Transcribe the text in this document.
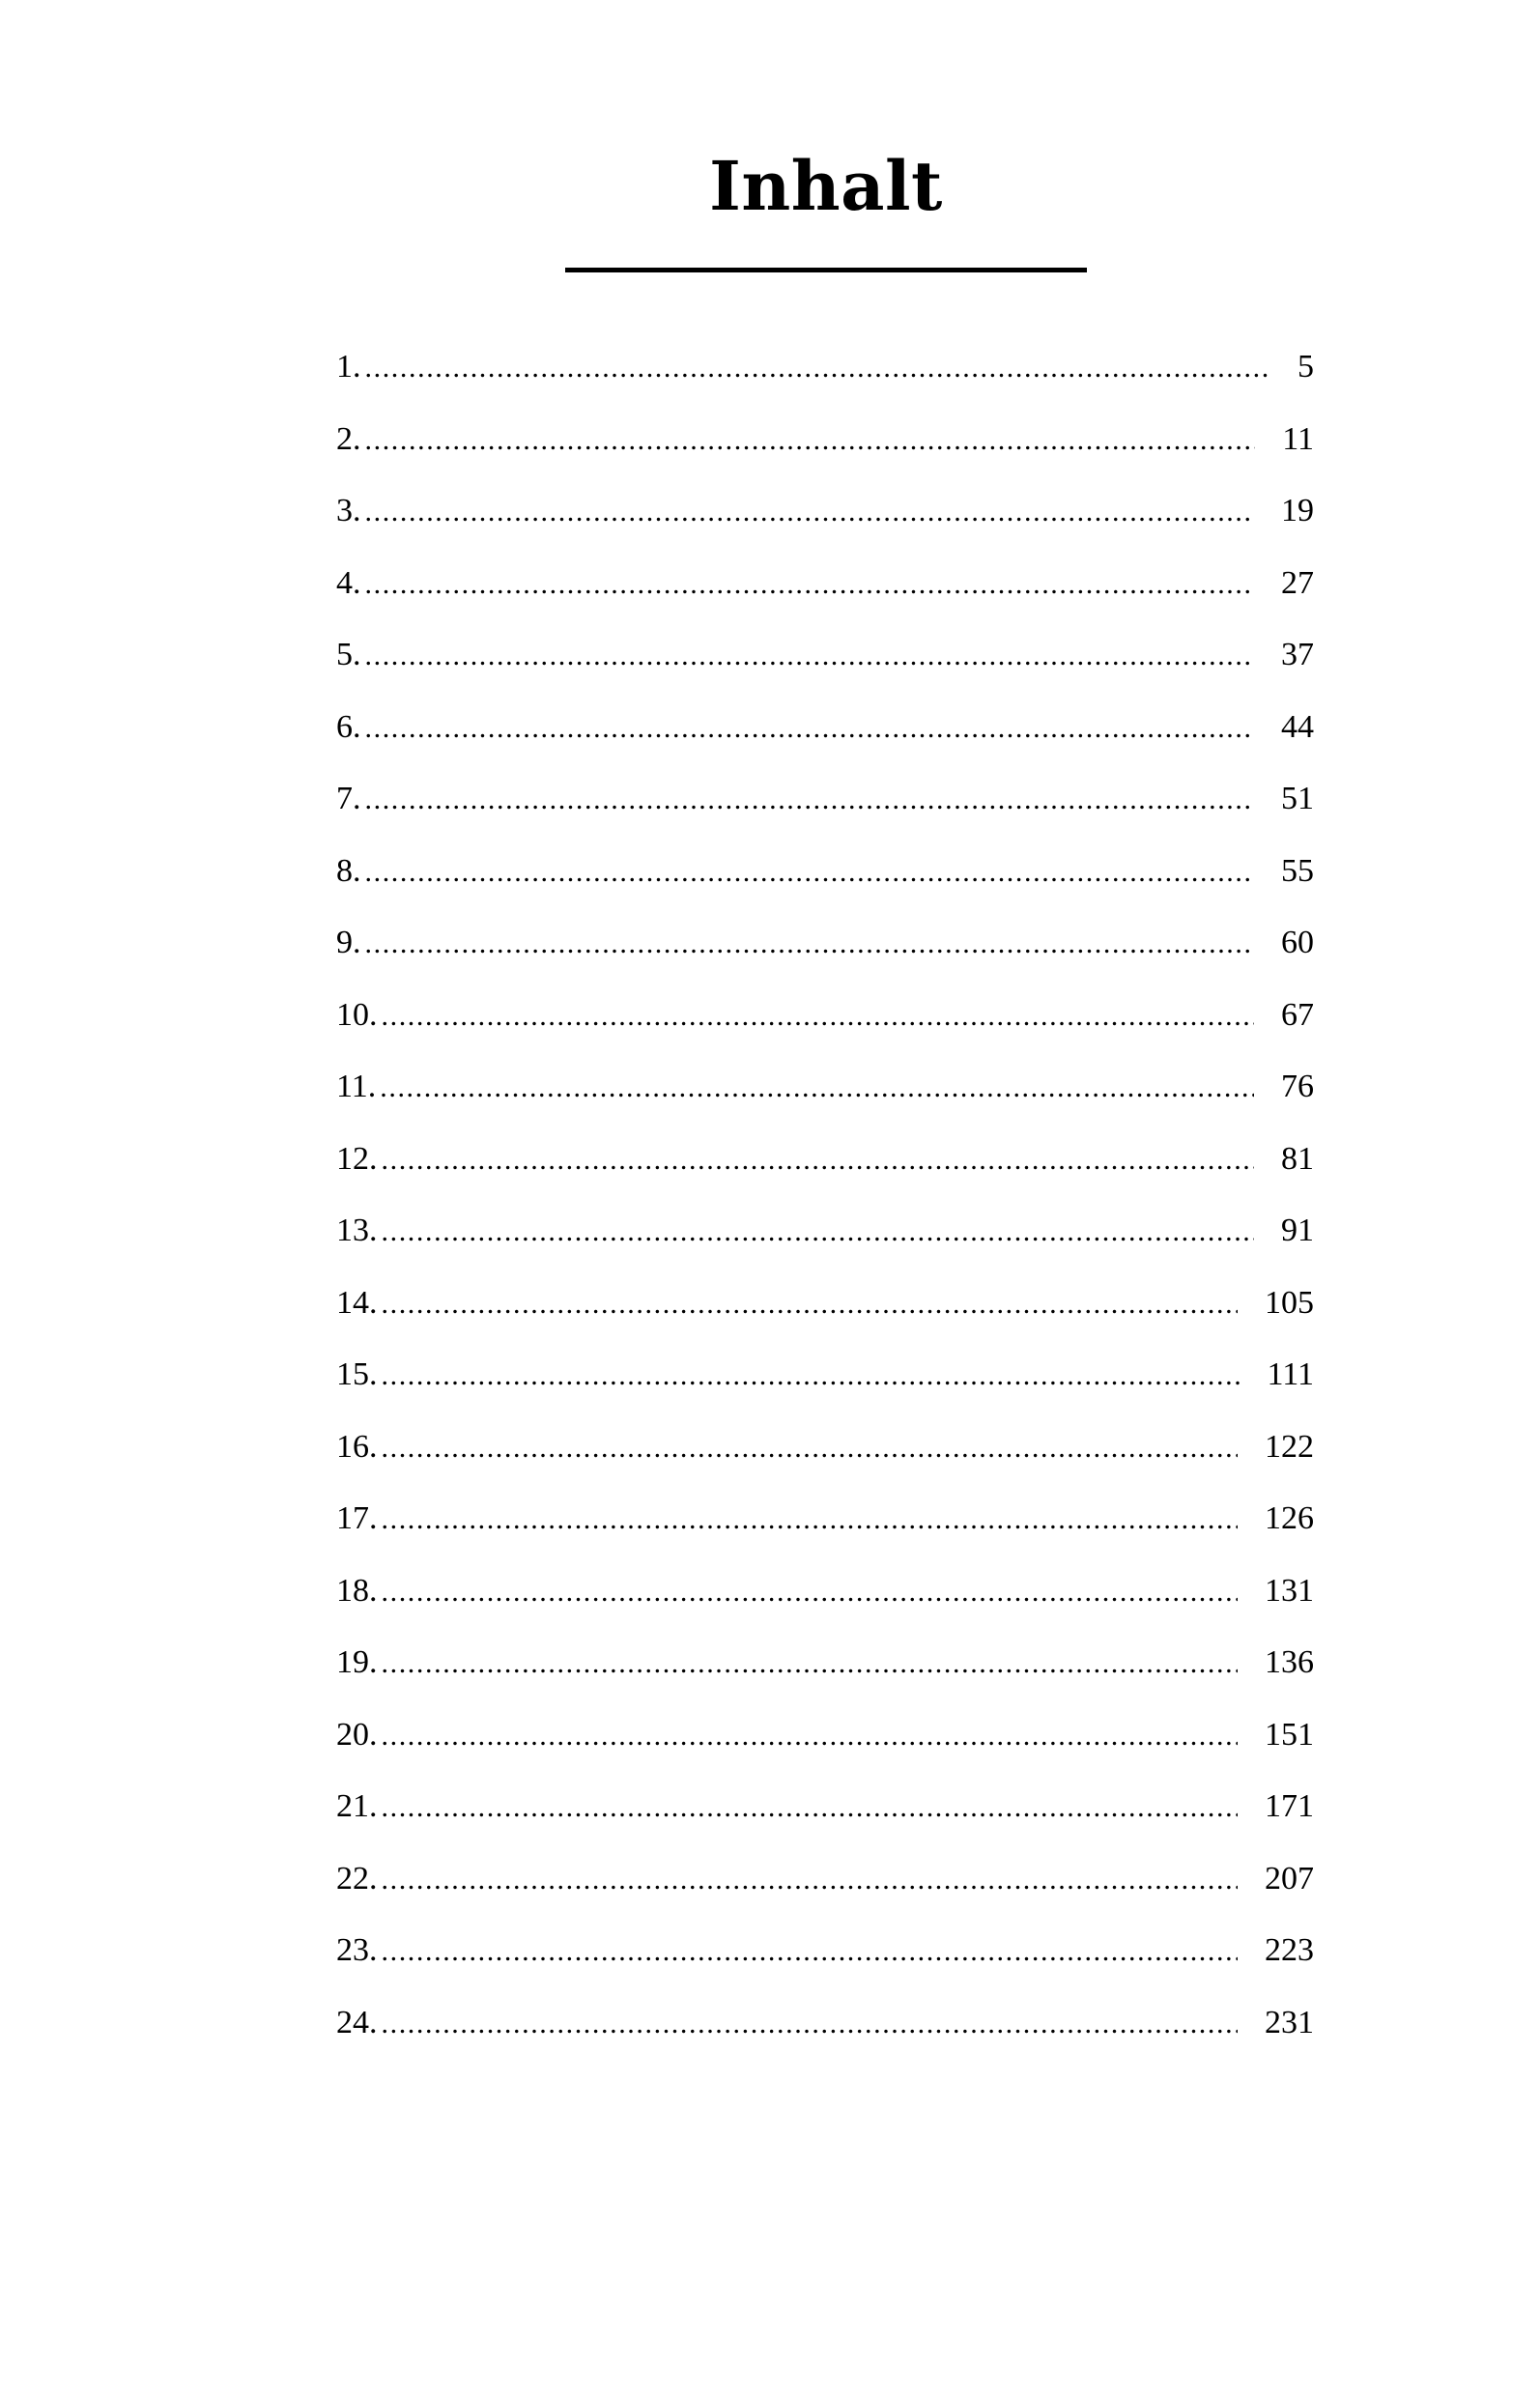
Inhalt
1. .....	5
2. .....	11
3. .....	19
4. .....	27
5. .....	37
6. .....	44
7. .....	51
8. .....	55
9. .....	60
10. .....	67
11. .....	76
12. .....	81
13. .....	91
14. .....	105
15. .....	111
16. .....	122
17. .....	126
18. .....	131
19. .....	136
20. .....	151
21. .....	171
22. .....	207
23. .....	223
24. .....	231
